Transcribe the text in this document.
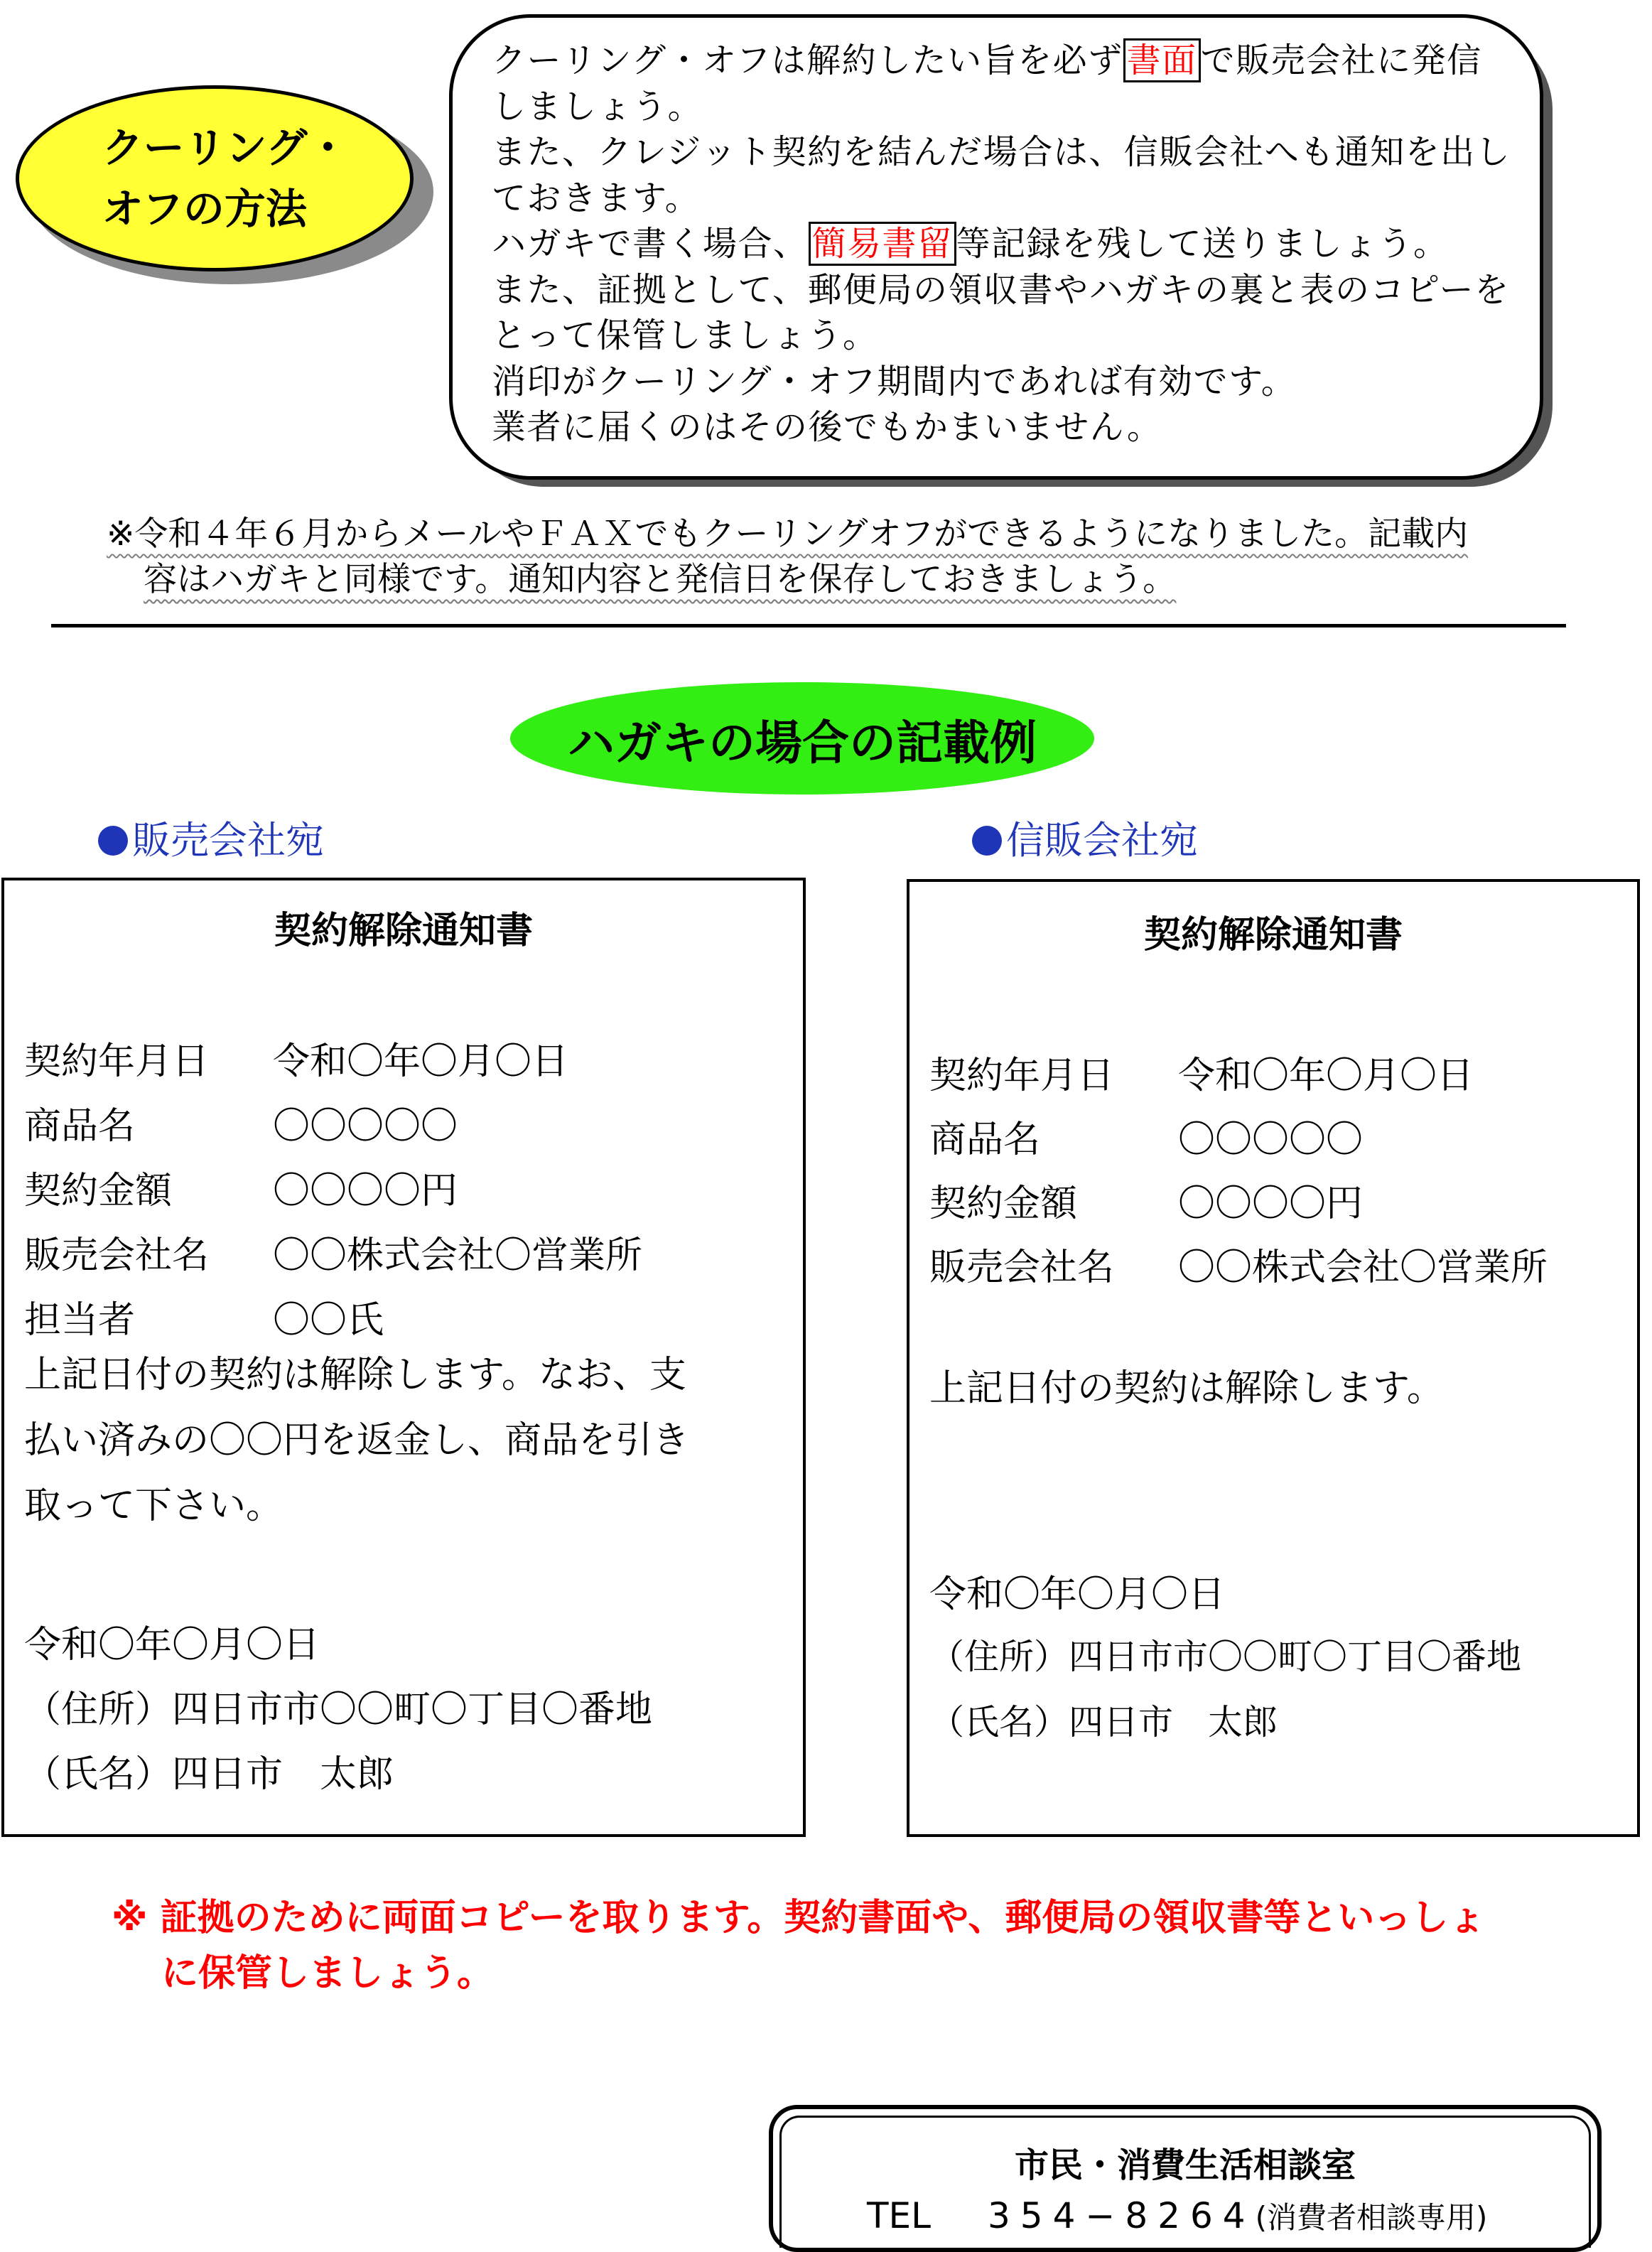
クーリング・
オフの方法
クーリング・オフは解約したい旨を必ず 書面 で販売会社に発信
しましょう。
また、クレジット契約を結んだ場合は、信販会社へも通知を出し
ておきます。
ハガキで書く場合、 簡易書留 等記録を残して送りましょう。
また、証拠として、郵便局の領収書やハガキの裏と表のコピーを
とって保管しましょう。
消印がクーリング・オフ期間内であれば有効です。
業者に届くのはその後でもかまいません。
※令和４年６月からメールやＦＡＸでもクーリングオフができるようになりました。記載内
容はハガキと同様です。通知内容と発信日を保存しておきましょう。
ハガキの場合の記載例
販売会社宛	信販会社宛
契約解除通知書
契約年月日 令和〇年〇月〇日
商品名	〇〇〇〇〇
契約金額	〇〇〇〇円
販売会社名 〇〇株式会社〇営業所
担当者	〇〇氏
上記日付の契約は解除します。なお、支
払い済みの〇〇円を返金し、商品を引き
取って下さい。
令和〇年〇月〇日
（住所）四日市市〇〇町〇丁目〇番地
（氏名）四日市　太郎
契約解除通知書
契約年月日 令和〇年〇月〇日
商品名	〇〇〇〇〇
契約金額	〇〇〇〇円
販売会社名 〇〇株式会社〇営業所
上記日付の契約は解除します。
令和〇年〇月〇日
（住所）四日市市〇〇町〇丁目〇番地
（氏名）四日市　太郎
※ 証拠のために両面コピーを取ります。契約書面や、郵便局の領収書等といっしょ
に保管しましょう。
市民・消費生活相談室
TEL 354−8264(消費者相談専用)
